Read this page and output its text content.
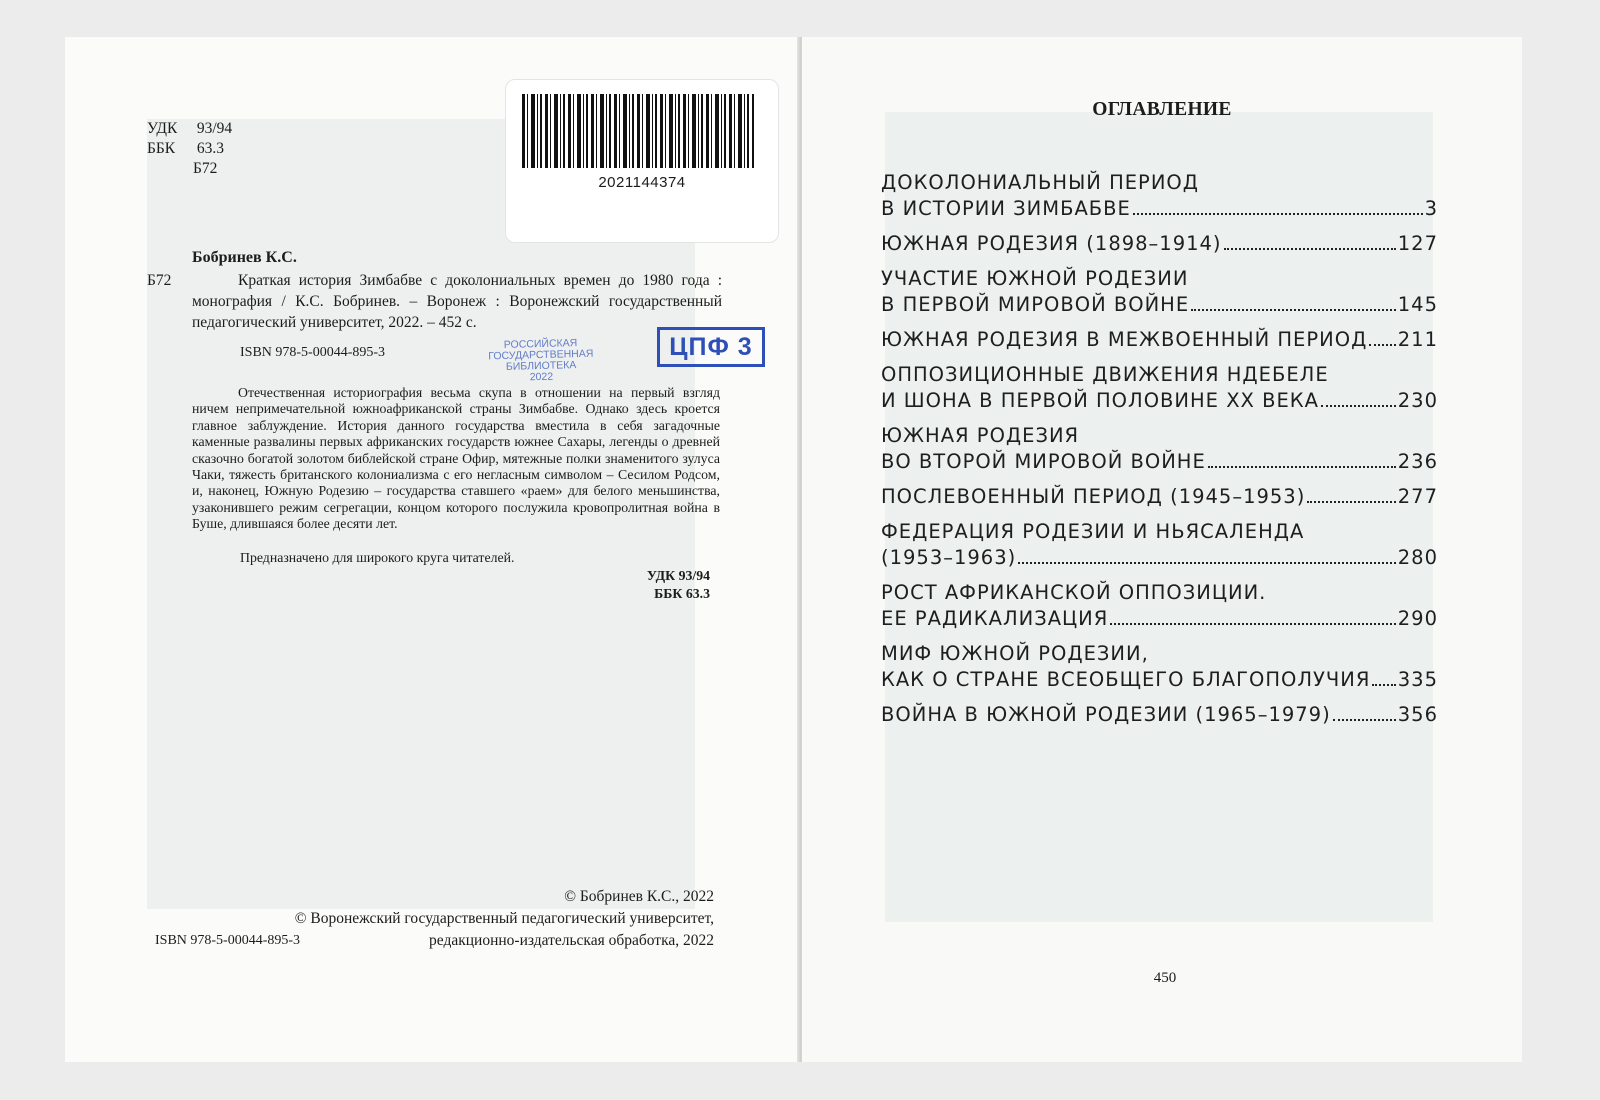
УДК 93/94
ББК 63.3
Б72
2021144374
Бобринев К.С.
Б72	Краткая история Зимбабве с доколониальных времен до 1980 года : монография / К.С. Бобринев. – Воронеж : Воронежский государственный педагогический университет, 2022. – 452 с.
ISBN 978-5-00044-895-3
РОССИЙСКАЯ
ГОСУДАРСТВЕННАЯ
БИБЛИОТЕКА
2022
ЦПФ 3
Отечественная историография весьма скупа в отношении на первый взгляд ничем непримечательной южноафриканской страны Зимбабве. Однако здесь кроется главное заблуждение. История данного государства вместила в себя загадочные каменные развалины первых африканских государств южнее Сахары, легенды о древней сказочно богатой золотом библейской стране Офир, мятежные полки знаменитого зулуса Чаки, тяжесть британского колониализма с его негласным символом – Сесилом Родсом, и, наконец, Южную Родезию – государства ставшего «раем» для белого меньшинства, узаконившего режим сегрегации, концом которого послужила кровопролитная война в Буше, длившаяся более десяти лет.
Предназначено для широкого круга читателей.
УДК 93/94
ББК 63.3
© Бобринев К.С., 2022
© Воронежский государственный педагогический университет,
редакционно-издательская обработка, 2022
ISBN 978-5-00044-895-3
ОГЛАВЛЕНИЕ
ДОКОЛОНИАЛЬНЫЙ ПЕРИОД
В ИСТОРИИ ЗИМБАБВЕ	3
ЮЖНАЯ РОДЕЗИЯ (1898–1914)	127
УЧАСТИЕ ЮЖНОЙ РОДЕЗИИ
В ПЕРВОЙ МИРОВОЙ ВОЙНЕ	145
ЮЖНАЯ РОДЕЗИЯ В МЕЖВОЕННЫЙ ПЕРИОД 211
ОППОЗИЦИОННЫЕ ДВИЖЕНИЯ НДЕБЕЛЕ
И ШОНА В ПЕРВОЙ ПОЛОВИНЕ XX ВЕКА	230
ЮЖНАЯ РОДЕЗИЯ
ВО ВТОРОЙ МИРОВОЙ ВОЙНЕ	236
ПОСЛЕВОЕННЫЙ ПЕРИОД (1945–1953)	277
ФЕДЕРАЦИЯ РОДЕЗИИ И НЬЯСАЛЕНДА
(1953–1963)	280
РОСТ АФРИКАНСКОЙ ОППОЗИЦИИ.
ЕЕ РАДИКАЛИЗАЦИЯ	290
МИФ ЮЖНОЙ РОДЕЗИИ,
КАК О СТРАНЕ ВСЕОБЩЕГО БЛАГОПОЛУЧИЯ 335
ВОЙНА В ЮЖНОЙ РОДЕЗИИ (1965–1979)	356
450
